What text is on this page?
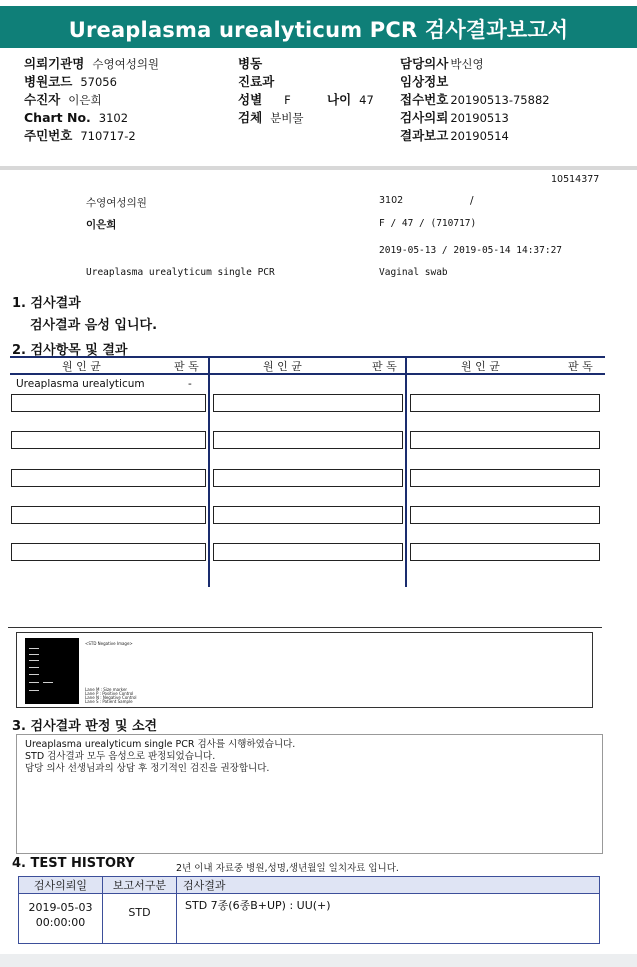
Ureaplasma urealyticum PCR 검사결과보고서
의뢰기관명 수영여성의원
병원코드 57056
수진자 이은희
Chart No. 3102
주민번호 710717-2
병동
진료과
성별 F
검체 분비물
나이 47
담당의사 박신영
임상정보
접수번호 20190513-75882
검사의뢰 20190513
결과보고 20190514
10514377
수영여성의원	3102	/
이은희	F / 47 / (710717)
2019-05-13 / 2019-05-14 14:37:27
Ureaplasma urealyticum single PCR	Vaginal swab
1. 검사결과
검사결과 음성 입니다.
2. 검사항목 및 결과
원 인 균	판 독	원 인 균	판 독	원 인 균	판 독
Ureaplasma urealyticum	-
<STD Negative Image>
Lane M : Size marker
Lane P : Positive Control
Lane N : Negative Control
Lane S : Patient Sample
3. 검사결과 판정 및 소견
Ureaplasma urealyticum single PCR 검사를 시행하였습니다.
STD 검사결과 모두 음성으로 판정되었습니다.
담당 의사 선생님과의 상담 후 정기적인 검진을 권장합니다.
4. TEST HISTORY	2년 이내 자료중 병원,성명,생년월일 일치자료 입니다.
검사의뢰일	보고서구분	검사결과

2019-05-03
00:00:00	STD	STD 7종(6종B+UP) : UU(+)
